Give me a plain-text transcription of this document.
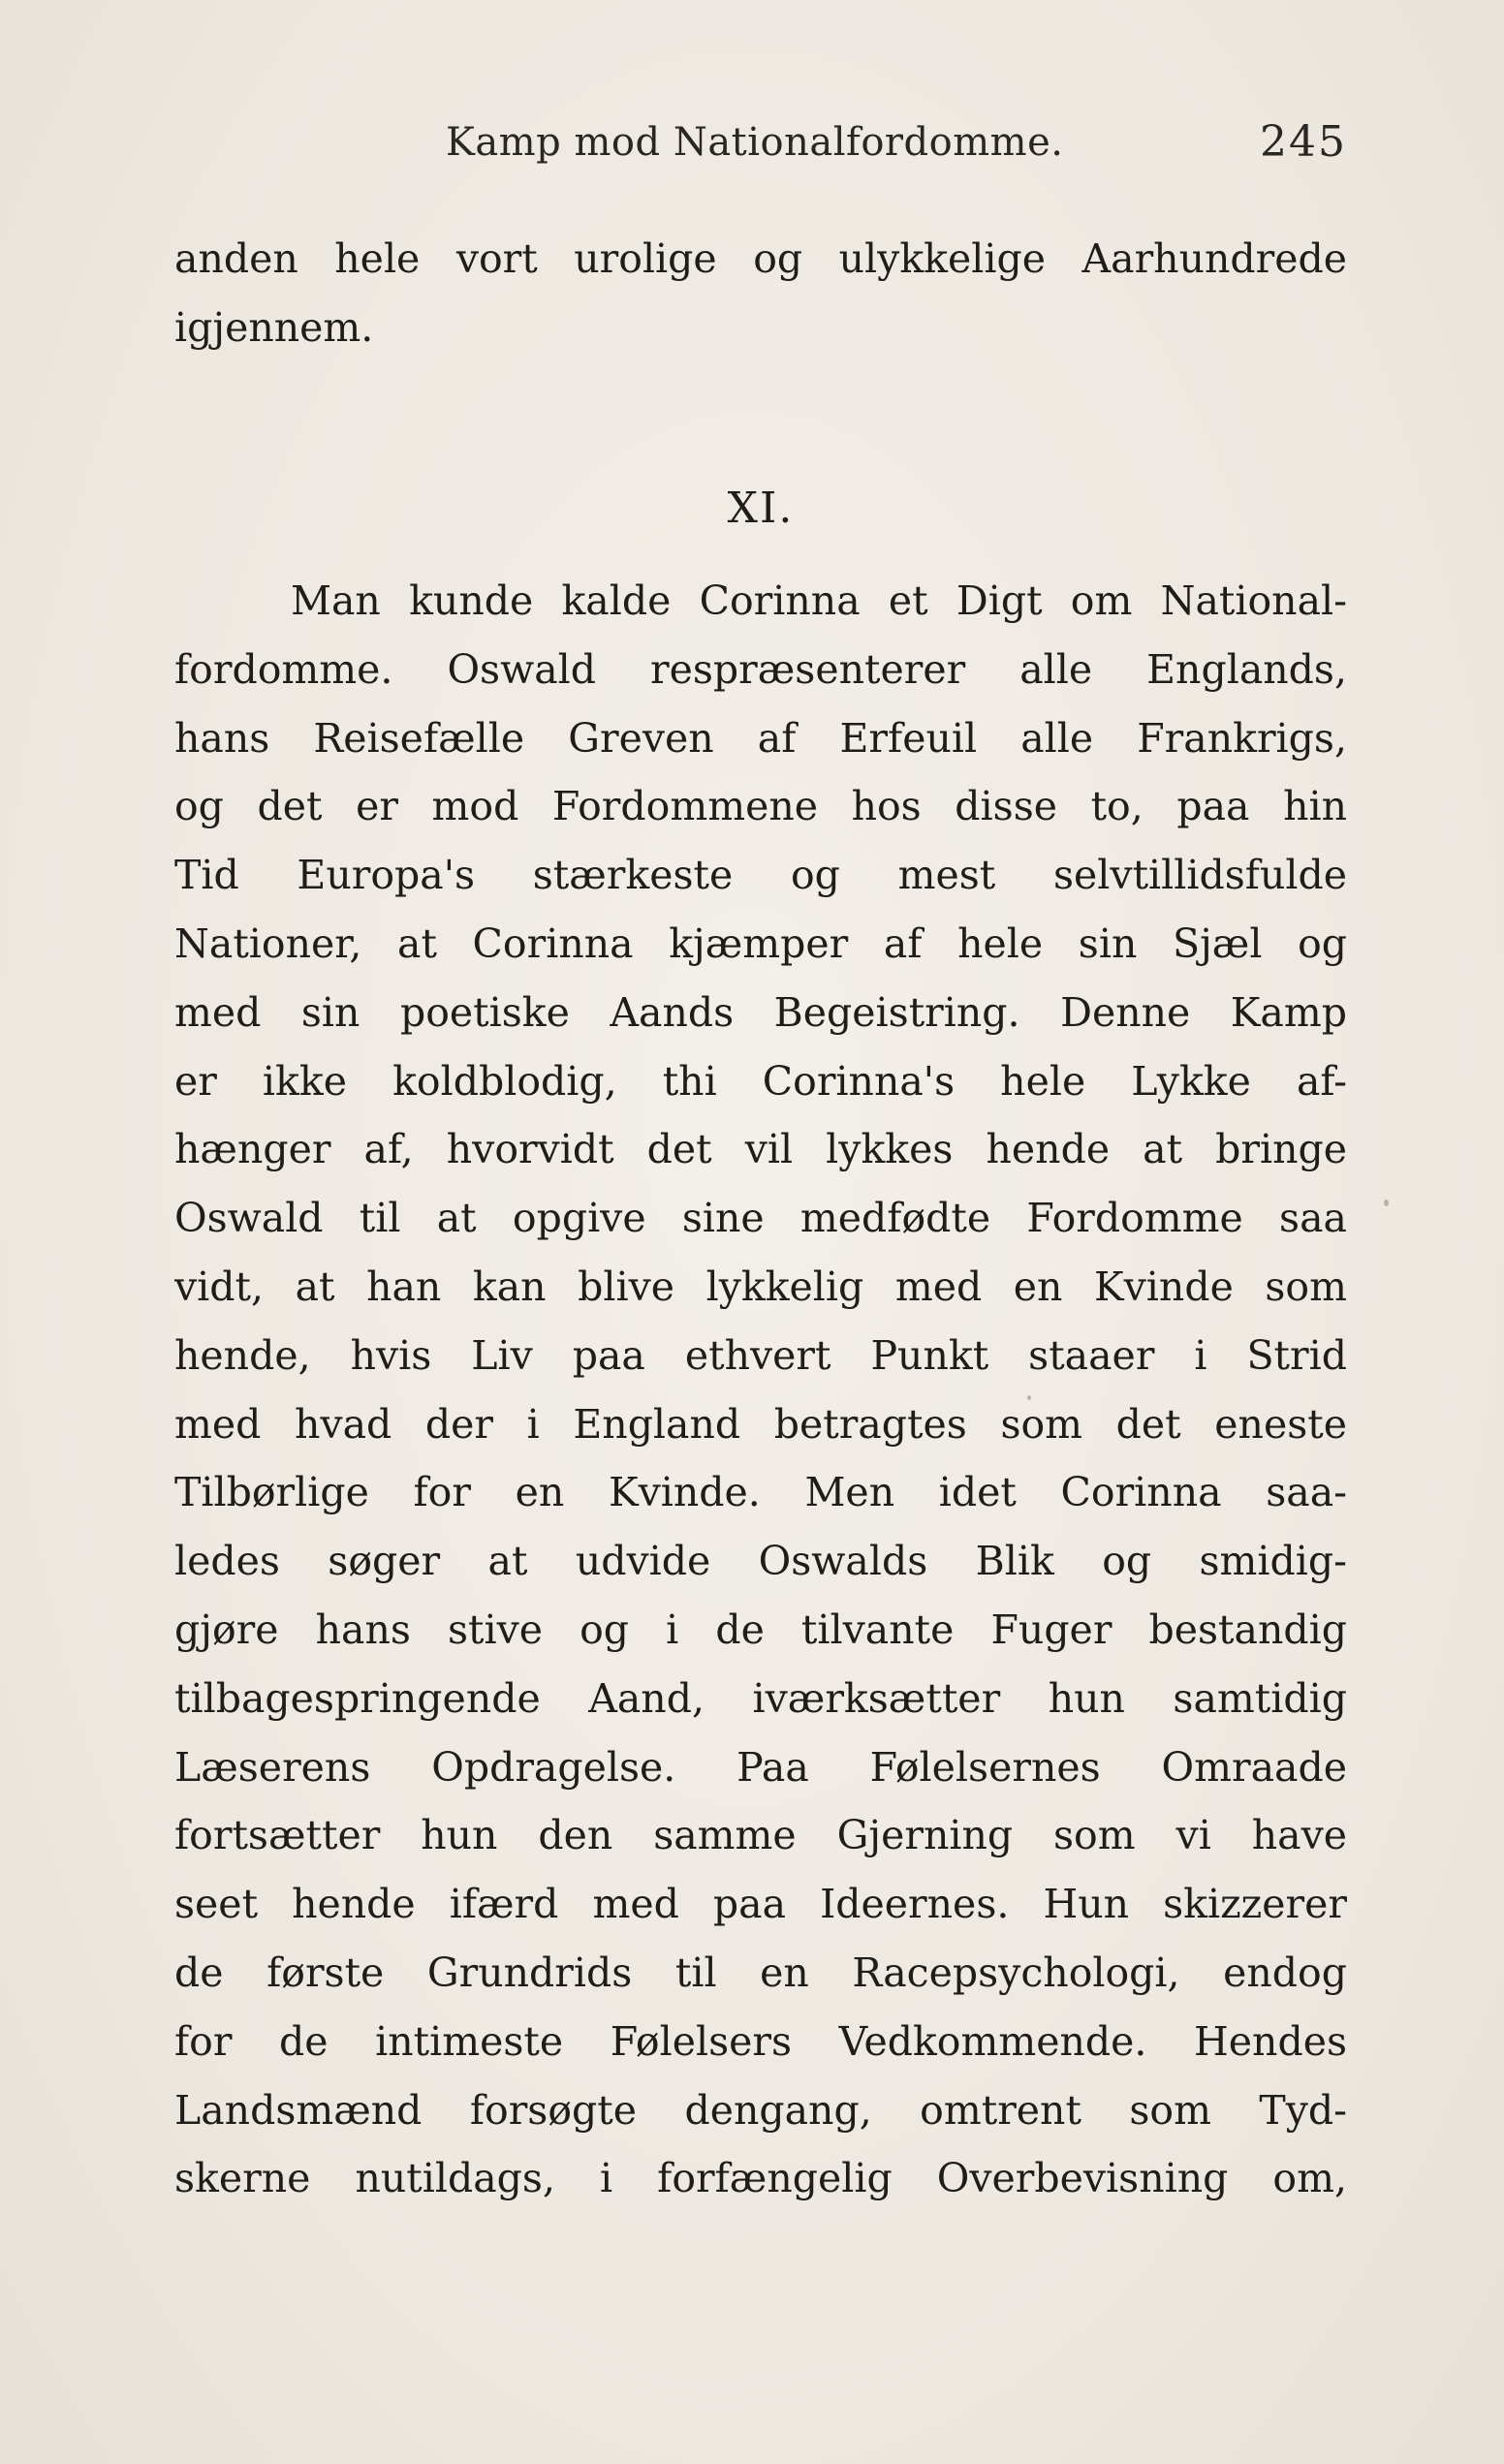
Kamp mod Nationalfordomme.	245
anden hele vort urolige og ulykkelige Aarhundrede
igjennem.
XI.
Man kunde kalde Corinna et Digt om National-
fordomme. Oswald respræsenterer alle Englands,
hans Reisefælle Greven af Erfeuil alle Frankrigs,
og det er mod Fordommene hos disse to, paa hin
Tid Europa's stærkeste og mest selvtillidsfulde
Nationer, at Corinna kjæmper af hele sin Sjæl og
med sin poetiske Aands Begeistring. Denne Kamp
er ikke koldblodig, thi Corinna's hele Lykke af-
hænger af, hvorvidt det vil lykkes hende at bringe
Oswald til at opgive sine medfødte Fordomme saa
vidt, at han kan blive lykkelig med en Kvinde som
hende, hvis Liv paa ethvert Punkt staaer i Strid
med hvad der i England betragtes som det eneste
Tilbørlige for en Kvinde. Men idet Corinna saa-
ledes søger at udvide Oswalds Blik og smidig-
gjøre hans stive og i de tilvante Fuger bestandig
tilbagespringende Aand, iværksætter hun samtidig
Læserens Opdragelse. Paa Følelsernes Omraade
fortsætter hun den samme Gjerning som vi have
seet hende ifærd med paa Ideernes. Hun skizzerer
de første Grundrids til en Racepsychologi, endog
for de intimeste Følelsers Vedkommende. Hendes
Landsmænd forsøgte dengang, omtrent som Tyd-
skerne nutildags, i forfængelig Overbevisning om,
